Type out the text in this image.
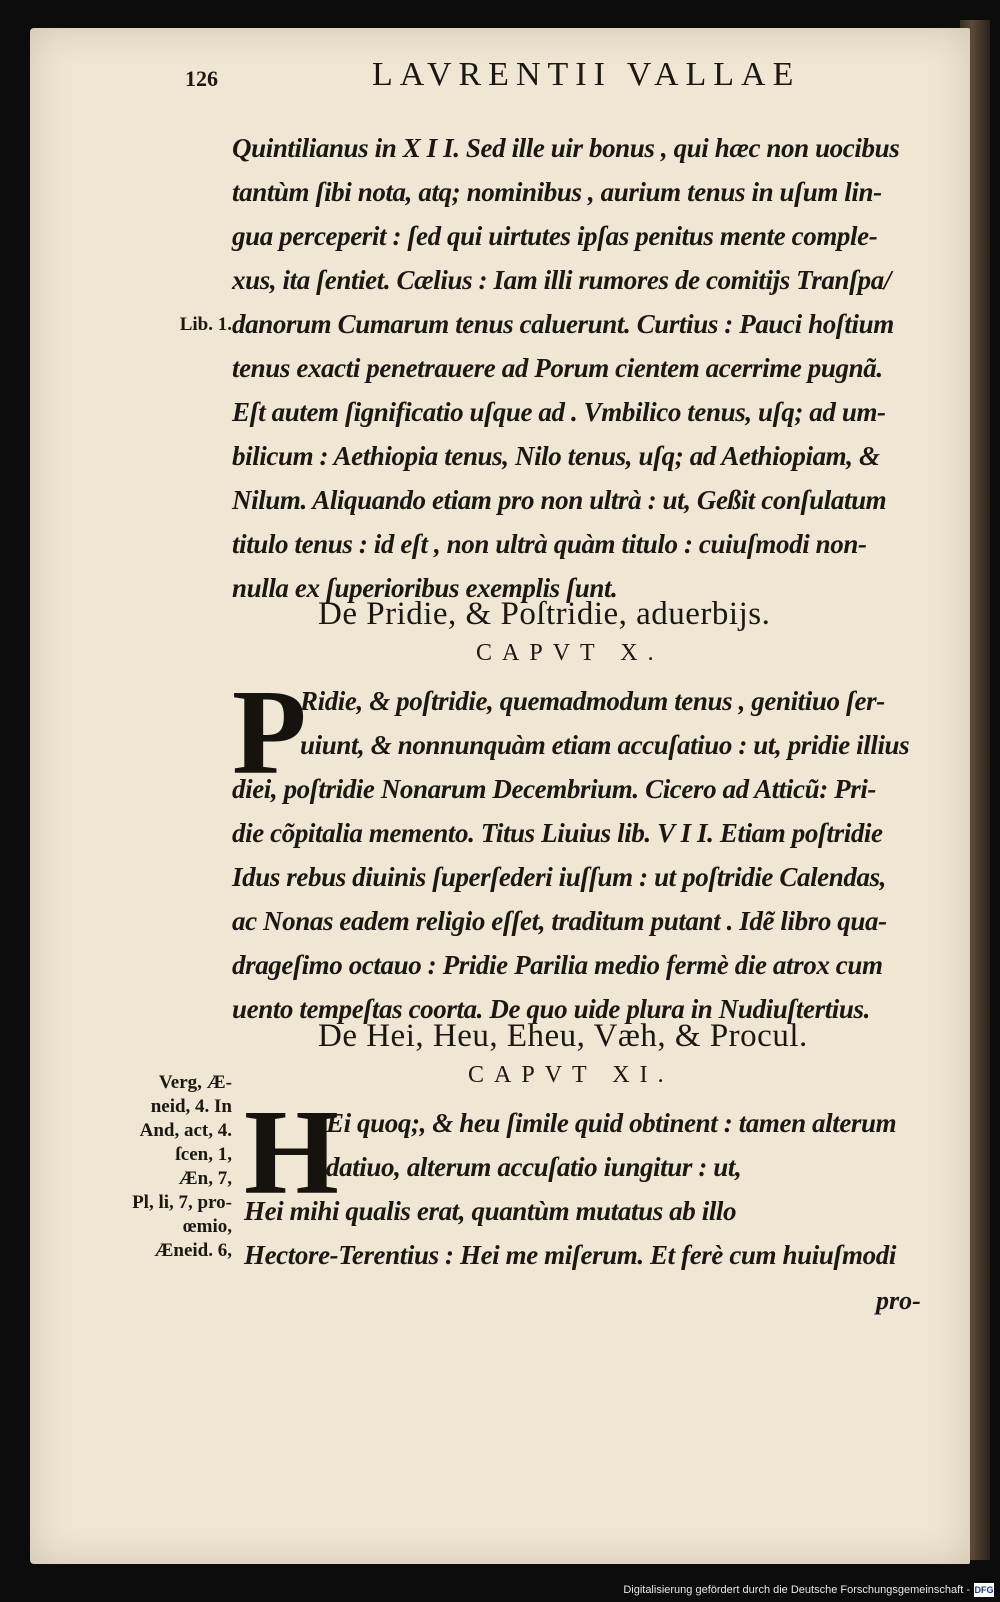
126	LAVRENTII VALLAE
Quintilianus in X I I. Sed ille uir bonus , qui hæc non uocibus
tantùm ſibi nota, atq; nominibus , aurium tenus in uſum lin-
gua perceperit : ſed qui uirtutes ipſas penitus mente comple-
xus, ita ſentiet. Cælius : Iam illi rumores de comitijs Tranſpa/
danorum Cumarum tenus caluerunt. Curtius : Pauci hoſtium
tenus exacti penetrauere ad Porum cientem acerrime pugnã.
Eſt autem ſignificatio uſque ad . Vmbilico tenus, uſq; ad um-
bilicum : Aethiopia tenus, Nilo tenus, uſq; ad Aethiopiam, &
Nilum. Aliquando etiam pro non ultrà : ut, Geßit conſulatum
titulo tenus : id eſt , non ultrà quàm titulo : cuiuſmodi non-
nulla ex ſuperioribus exemplis ſunt.
Lib. 1.
De Pridie, & Poſtridie, aduerbijs.
CAPVT X.
P
Ridie, & poſtridie, quemadmodum tenus , genitiuo ſer-
uiunt, & nonnunquàm etiam accuſatiuo : ut, pridie illius
diei, poſtridie Nonarum Decembrium. Cicero ad Atticũ: Pri-
die cõpitalia memento. Titus Liuius lib. V I I. Etiam poſtridie
Idus rebus diuinis ſuperſederi iuſſum : ut poſtridie Calendas,
ac Nonas eadem religio eſſet, traditum putant . Idẽ libro qua-
drageſimo octauo : Pridie Parilia medio fermè die atrox cum
uento tempeſtas coorta. De quo uide plura in Nudiuſtertius.
De Hei, Heu, Eheu, Væh, & Procul.
CAPVT XI.
H
Ei quoq;, & heu ſimile quid obtinent : tamen alterum
datiuo, alterum accuſatio iungitur : ut,
Hei mihi qualis erat, quantùm mutatus ab illo
Hectore-Terentius : Hei me miſerum. Et ferè cum huiuſmodi
pro-
Verg, Æ-
neid, 4. In
And, act, 4.
ſcen, 1,
Æn, 7,
Pl, li, 7, pro-
œmio,
Æneid. 6,
Digitalisierung gefördert durch die Deutsche Forschungsgemeinschaft - DFG
